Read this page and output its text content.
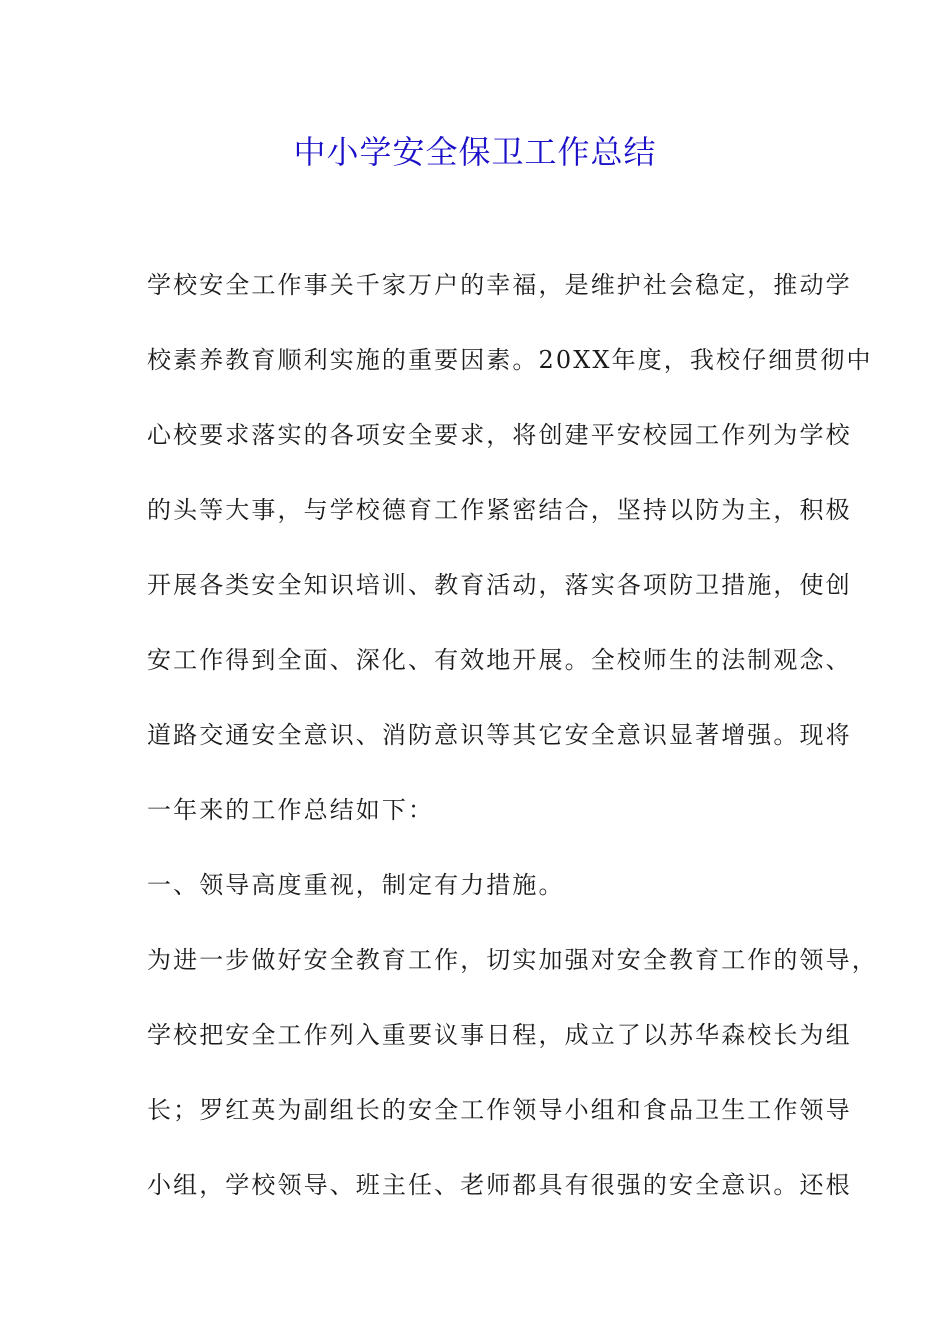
中小学安全保卫工作总结

学校安全工作事关千家万户的幸福，是维护社会稳定，推动学

校素养教育顺利实施的重要因素。20XX年度，我校仔细贯彻中

心校要求落实的各项安全要求，将创建平安校园工作列为学校

的头等大事，与学校德育工作紧密结合，坚持以防为主，积极

开展各类安全知识培训、教育活动，落实各项防卫措施，使创

安工作得到全面、深化、有效地开展。全校师生的法制观念、

道路交通安全意识、消防意识等其它安全意识显著增强。现将

一年来的工作总结如下：

一、领导高度重视，制定有力措施。

为进一步做好安全教育工作，切实加强对安全教育工作的领导，

学校把安全工作列入重要议事日程，成立了以苏华森校长为组

长；罗红英为副组长的安全工作领导小组和食品卫生工作领导

小组，学校领导、班主任、老师都具有很强的安全意识。还根
